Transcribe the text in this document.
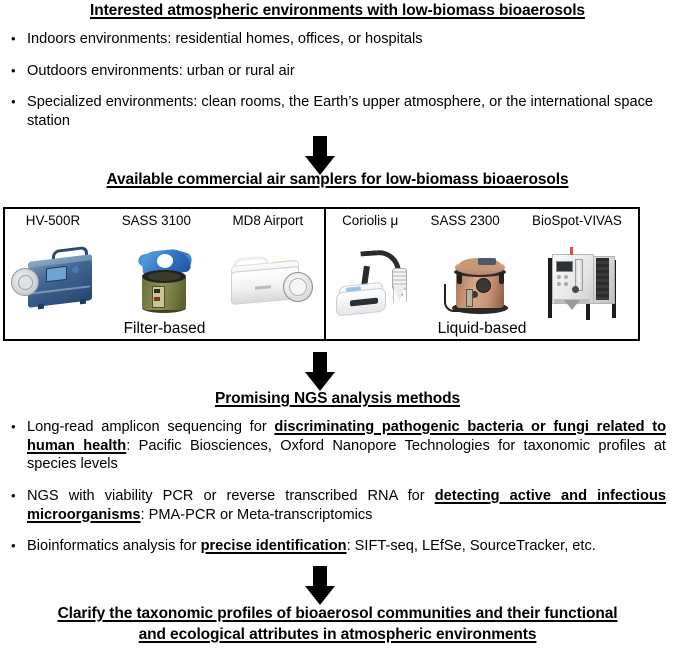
Interested atmospheric environments with low-biomass bioaerosols
• Indoors environments: residential homes, offices, or hospitals
• Outdoors environments: urban or rural air
• Specialized environments: clean rooms, the Earth’s upper atmosphere, or the international space station
Available commercial air samplers for low-biomass bioaerosols
HV-500R	SASS 3100	MD8 Airport
Filter-based
Coriolis μ SASS 2300 BioSpot-VIVAS
Liquid-based
Promising NGS analysis methods
• Long-read amplicon sequencing for discriminating pathogenic bacteria or fungi related to human health: Pacific Biosciences, Oxford Nanopore Technologies for taxonomic profiles at species levels
• NGS with viability PCR or reverse transcribed RNA for detecting active and infectious microorganisms: PMA-PCR or Meta-transcriptomics
• Bioinformatics analysis for precise identification: SIFT-seq, LEfSe, SourceTracker, etc.
Clarify the taxonomic profiles of bioaerosol communities and their functional
and ecological attributes in atmospheric environments
